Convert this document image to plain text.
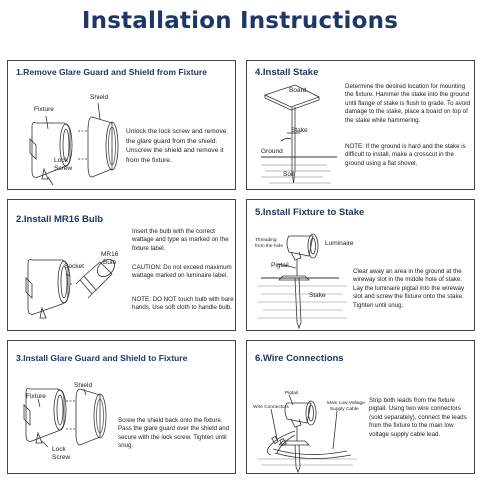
Installation Instructions
1.Remove Glare Guard and Shield from Fixture
Fixture
Shield
Lock
Screw
Unlock the lock screw and remove the glare guard from the shield. Unscrew the shield and remove it from the fixture.
4.Install Stake
Board
Stake
Ground
Soil
Determine the desired location for mounting the fixture. Hammer the stake into the ground until flange of stake is flush to grade. To avoid damage to the stake, place a board on top of the stake while hammering.
NOTE: If the ground is hard and the stake is difficult to install, make a crosscut in the ground using a flat shovel.
2.Install MR16 Bulb
Socket
MR16
Bulb
Insert the bulb with the correct wattage and type as marked on the fixture label.
CAUTION: Do not exceed maximum wattage marked on luminaire label.
NOTE: DO NOT touch bulb with bare hands. Use soft cloth to handle bulb.
5.Install Fixture to Stake
Threading
from the hole	Luminaire
Pigtail
Stake
Clear away an area in the ground at the wireway slot in the middle hole of stake. Lay the luminaire pigtail into the wireway slot and screw the fixture onto the stake. Tighten until snug.
3.Install Glare Guard and Shield to Fixture
Fixture
Shield
Lock
Screw
Screw the shield back onto the fixture. Pass the glare guard over the shield and secure with the lock screw. Tighten until snug.
6.Wire Connections
Pigtail
Wire Connectors
Main Low Voltage
Supply Cable
Strip both leads from the fixture pigtail. Using two wire connectors (sold separately), connect the leads from the fixture to the main low voltage supply cable lead.
